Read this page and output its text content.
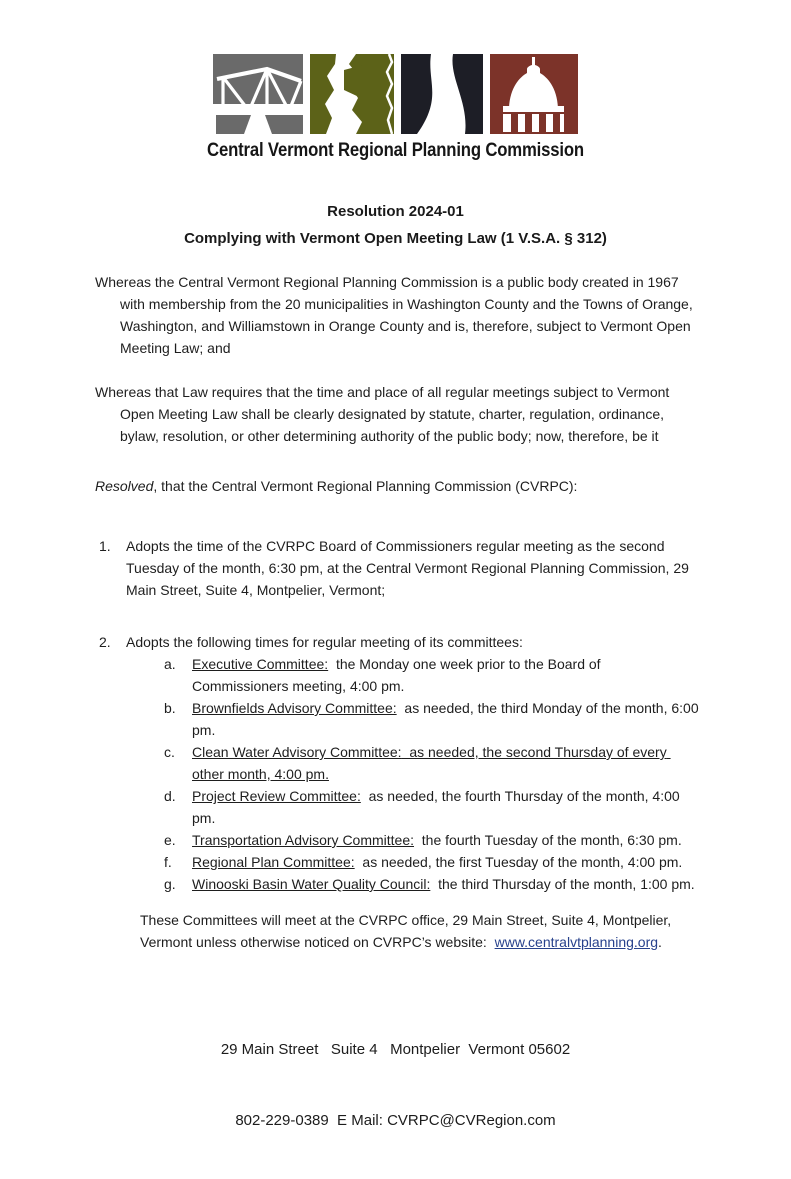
Central Vermont Regional Planning Commission
Resolution 2024-01
Complying with Vermont Open Meeting Law (1 V.S.A. § 312)

Whereas the Central Vermont Regional Planning Commission is a public body created in 1967 with membership from the 20 municipalities in Washington County and the Towns of Orange, Washington, and Williamstown in Orange County and is, therefore, subject to Vermont Open Meeting Law; and

Whereas that Law requires that the time and place of all regular meetings subject to Vermont Open Meeting Law shall be clearly designated by statute, charter, regulation, ordinance, bylaw, resolution, or other determining authority of the public body; now, therefore, be it

Resolved, that the Central Vermont Regional Planning Commission (CVRPC):

1.	Adopts the time of the CVRPC Board of Commissioners regular meeting as the second Tuesday of the month, 6:30 pm, at the Central Vermont Regional Planning Commission, 29 Main Street, Suite 4, Montpelier, Vermont;
2.	Adopts the following times for regular meeting of its committees:
a.	Executive Committee:  the Monday one week prior to the Board of Commissioners meeting, 4:00 pm.
b.	Brownfields Advisory Committee:  as needed, the third Monday of the month, 6:00 pm.
c.	Clean Water Advisory Committee:  as needed, the second Thursday of every other month, 4:00 pm.
d.	Project Review Committee:  as needed, the fourth Thursday of the month, 4:00 pm.
e.	Transportation Advisory Committee:  the fourth Tuesday of the month, 6:30 pm.
f.	Regional Plan Committee:  as needed, the first Tuesday of the month, 4:00 pm.
g.	Winooski Basin Water Quality Council:  the third Thursday of the month, 1:00 pm.

These Committees will meet at the CVRPC office, 29 Main Street, Suite 4, Montpelier, Vermont unless otherwise noticed on CVRPC’s website:  www.centralvtplanning.org.

29 Main Street   Suite 4   Montpelier  Vermont 05602

802-229-0389  E Mail: CVRPC@CVRegion.com
